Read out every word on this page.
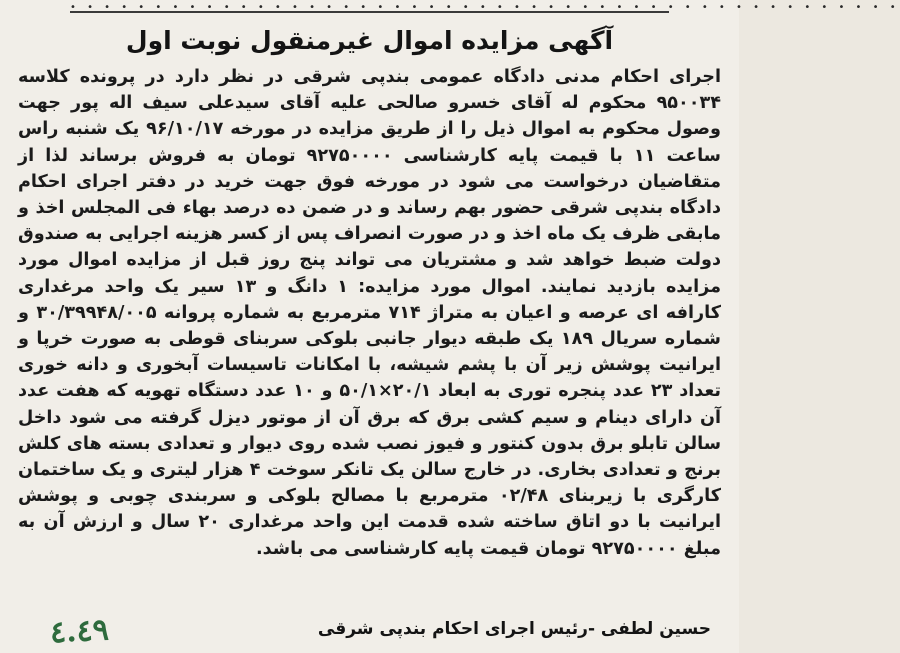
• • • • • • • • • • • • • • • • • • • • • • • • • • • • • • • • • • • • • • • • • • • • • • • • •
آگهی مزایده اموال غیرمنقول نوبت اول
اجرای احکام مدنی دادگاه عمومی بندپی شرقی در نظر دارد در پرونده کلاسه ۹۵۰۰۳۴ محکوم له آقای خسرو صالحی علیه آقای سیدعلی سیف اله پور جهت وصول محکوم به اموال ذیل را از طریق مزایده در مورخه ۹۶/۱۰/۱۷ یک شنبه راس ساعت ۱۱ با قیمت پایه کارشناسی ۹۲۷۵۰۰۰۰ تومان به فروش برساند لذا از متقاضیان درخواست می شود در مورخه فوق جهت خرید در دفتر اجرای احکام دادگاه بندپی شرقی حضور بهم رساند و در ضمن ده درصد بهاء فی المجلس اخذ و مابقی ظرف یک ماه اخذ و در صورت انصراف پس از کسر هزینه اجرایی به صندوق دولت ضبط خواهد شد و مشتریان می تواند پنج روز قبل از مزایده اموال مورد مزایده بازدید نمایند. اموال مورد مزایده: ۱ دانگ و ۱۳ سیر یک واحد مرغداری کارافه ای عرصه و اعیان به متراژ ۷۱۴ مترمربع به شماره پروانه ۳۰/۳۹۹۴۸/۰۰۵ و شماره سریال ۱۸۹ یک طبقه دیوار جانبی بلوکی سربنای قوطی به صورت خرپا و ایرانیت پوشش زیر آن با پشم شیشه، با امکانات تاسیسات آبخوری و دانه خوری تعداد ۲۳ عدد پنجره توری به ابعاد ۲۰/۱×۵۰/۱ و ۱۰ عدد دستگاه تهویه که هفت عدد آن دارای دینام و سیم کشی برق که برق آن از موتور دیزل گرفته می شود داخل سالن تابلو برق بدون کنتور و فیوز نصب شده روی دیوار و تعدادی بسته های کلش برنج و تعدادی بخاری. در خارج سالن یک تانکر سوخت ۴ هزار لیتری و یک ساختمان کارگری با زیربنای ۰۲/۴۸ مترمربع با مصالح بلوکی و سربندی چوبی و پوشش ایرانیت با دو اتاق ساخته شده قدمت این واحد مرغداری ۲۰ سال و ارزش آن به مبلغ ۹۲۷۵۰۰۰۰ تومان قیمت پایه کارشناسی می باشد.
حسین لطفی -رئیس اجرای احکام بندپی شرقی
٤.٤٩
